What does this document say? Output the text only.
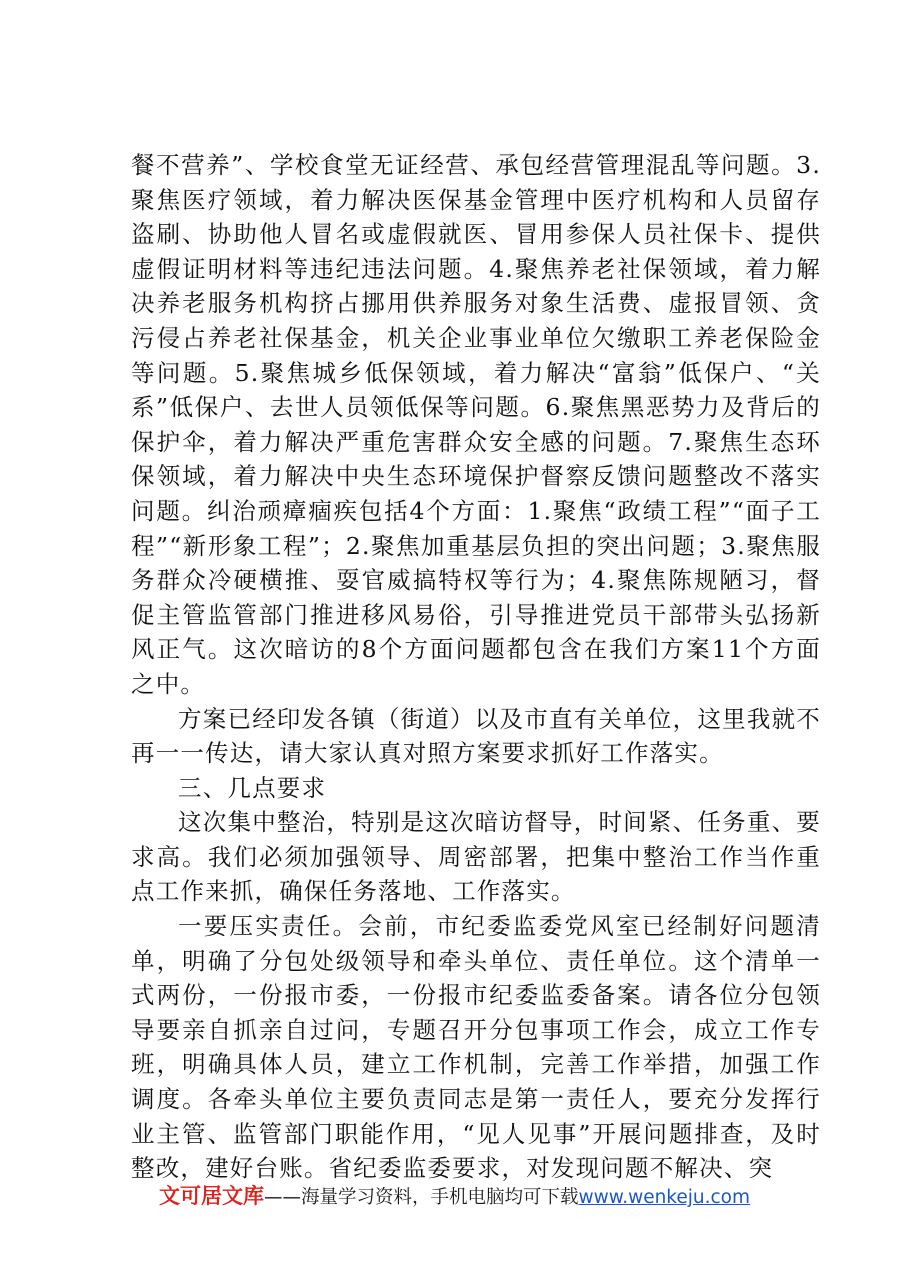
餐不营养”、学校食堂无证经营、承包经营管理混乱等问题。3.聚焦医疗领域，着力解决医保基金管理中医疗机构和人员留存盗刷、协助他人冒名或虚假就医、冒用参保人员社保卡、提供虚假证明材料等违纪违法问题。4.聚焦养老社保领域，着力解决养老服务机构挤占挪用供养服务对象生活费、虚报冒领、贪污侵占养老社保基金，机关企业事业单位欠缴职工养老保险金等问题。5.聚焦城乡低保领域，着力解决“富翁”低保户、“关系”低保户、去世人员领低保等问题。6.聚焦黑恶势力及背后的保护伞，着力解决严重危害群众安全感的问题。7.聚焦生态环保领域，着力解决中央生态环境保护督察反馈问题整改不落实问题。纠治顽瘴痼疾包括4个方面：1.聚焦“政绩工程”“面子工程”“新形象工程”；2.聚焦加重基层负担的突出问题；3.聚焦服务群众冷硬横推、耍官威搞特权等行为；4.聚焦陈规陋习，督促主管监管部门推进移风易俗，引导推进党员干部带头弘扬新风正气。这次暗访的8个方面问题都包含在我们方案11个方面之中。

方案已经印发各镇（街道）以及市直有关单位，这里我就不再一一传达，请大家认真对照方案要求抓好工作落实。

三、几点要求

这次集中整治，特别是这次暗访督导，时间紧、任务重、要求高。我们必须加强领导、周密部署，把集中整治工作当作重点工作来抓，确保任务落地、工作落实。

一要压实责任。会前，市纪委监委党风室已经制好问题清单，明确了分包处级领导和牵头单位、责任单位。这个清单一式两份，一份报市委，一份报市纪委监委备案。请各位分包领导要亲自抓亲自过问，专题召开分包事项工作会，成立工作专班，明确具体人员，建立工作机制，完善工作举措，加强工作调度。各牵头单位主要负责同志是第一责任人，要充分发挥行业主管、监管部门职能作用，“见人见事”开展问题排查，及时整改，建好台账。省纪委监委要求，对发现问题不解决、突

文可居文库——海量学习资料，手机电脑均可下载www.wenkeju.com
